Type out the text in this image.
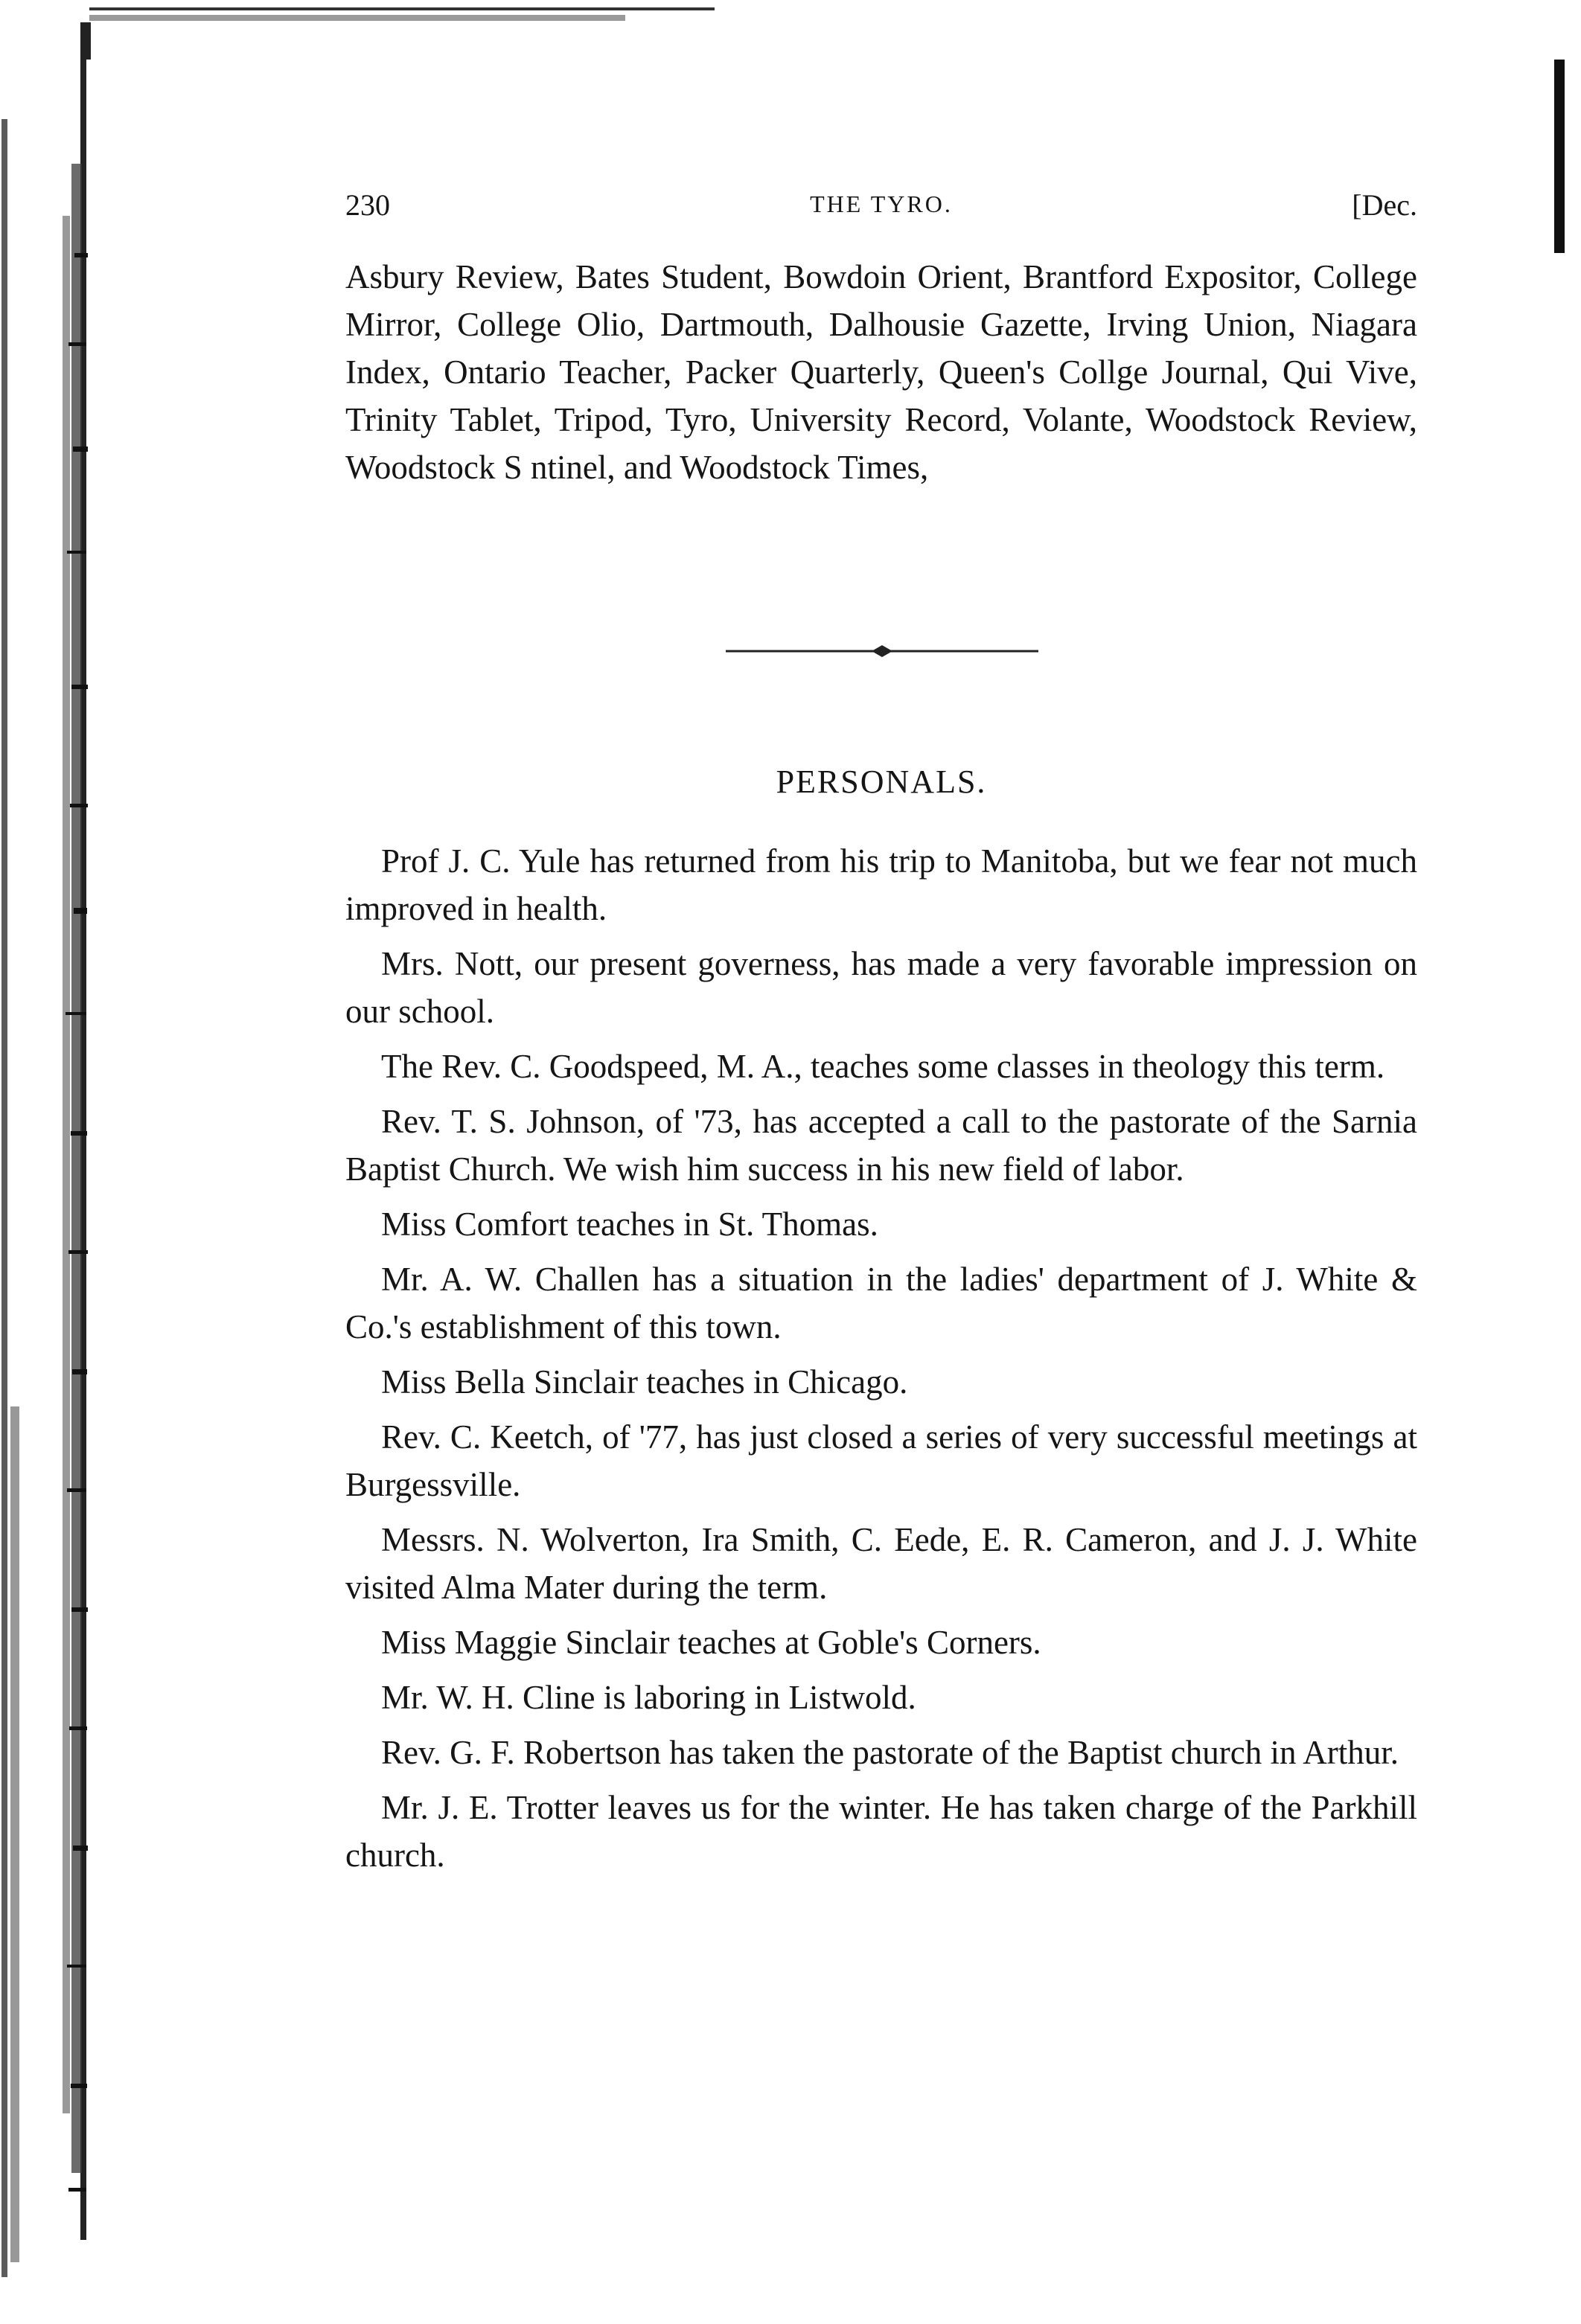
230	THE TYRO.	[Dec.

Asbury Review, Bates Student, Bowdoin Orient, Brantford Expositor, College Mirror, College Olio, Dartmouth, Dalhousie Gazette, Irving Union, Niagara Index, Ontario Teacher, Packer Quarterly, Queen's Collge Journal, Qui Vive, Trinity Tablet, Tripod, Tyro, University Record, Volante, Woodstock Review, Woodstock S ntinel, and Woodstock Times,

PERSONALS.

Prof J. C. Yule has returned from his trip to Manitoba, but we fear not much improved in health.

Mrs. Nott, our present governess, has made a very favorable impression on our school.

The Rev. C. Goodspeed, M. A., teaches some classes in theology this term.

Rev. T. S. Johnson, of '73, has accepted a call to the pastorate of the Sarnia Baptist Church. We wish him success in his new field of labor.

Miss Comfort teaches in St. Thomas.

Mr. A. W. Challen has a situation in the ladies' department of J. White & Co.'s establishment of this town.

Miss Bella Sinclair teaches in Chicago.

Rev. C. Keetch, of '77, has just closed a series of very successful meetings at Burgessville.

Messrs. N. Wolverton, Ira Smith, C. Eede, E. R. Cameron, and J. J. White visited Alma Mater during the term.

Miss Maggie Sinclair teaches at Goble's Corners.

Mr. W. H. Cline is laboring in Listwold.

Rev. G. F. Robertson has taken the pastorate of the Baptist church in Arthur.

Mr. J. E. Trotter leaves us for the winter. He has taken charge of the Parkhill church.
